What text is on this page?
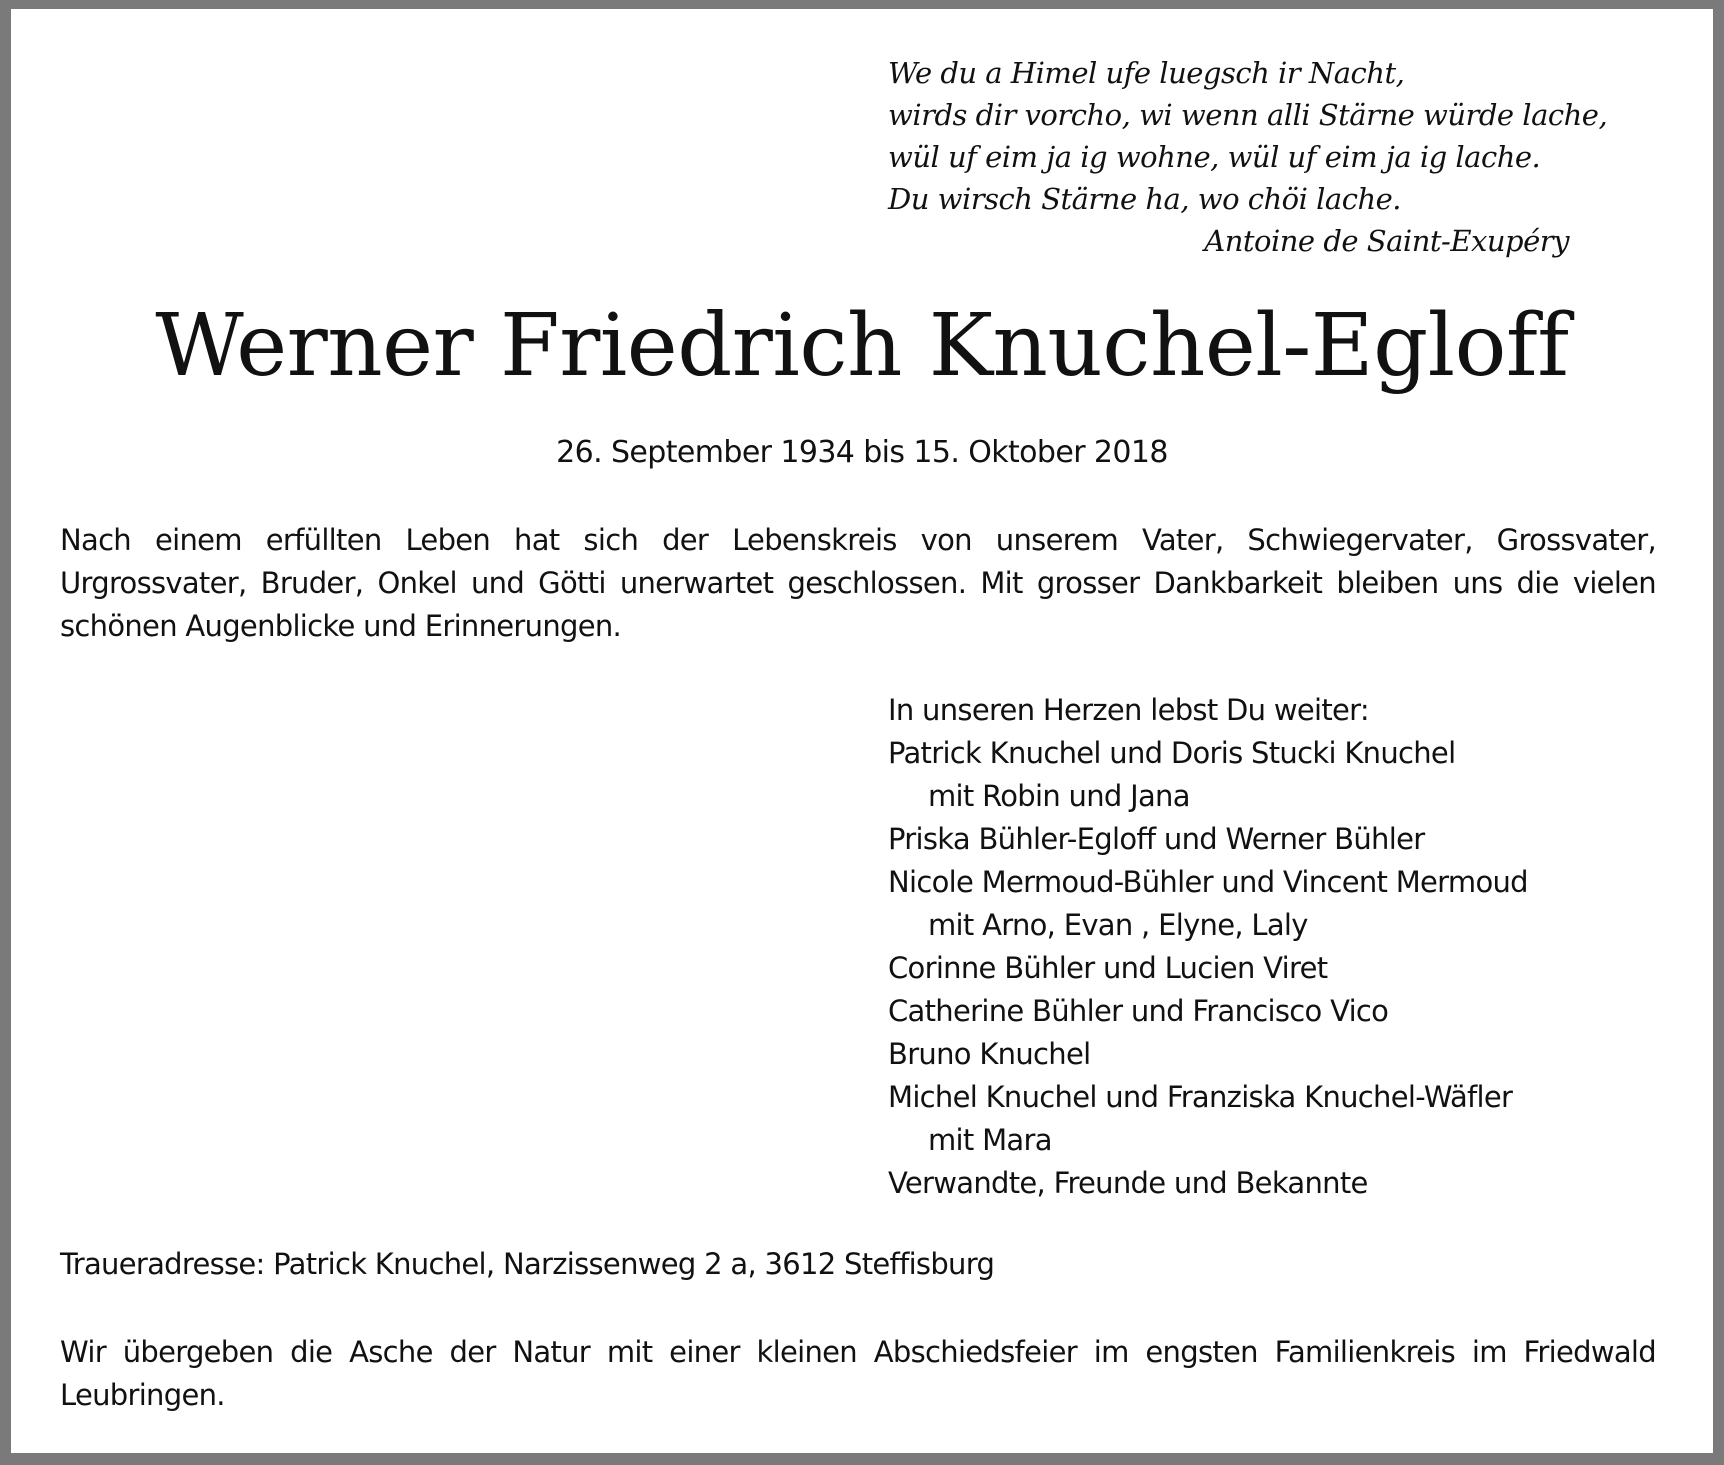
We du a Himel ufe luegsch ir Nacht,
wirds dir vorcho, wi wenn alli Stärne würde lache,
wül uf eim ja ig wohne, wül uf eim ja ig lache.
Du wirsch Stärne ha, wo chöi lache.
Antoine de Saint-Exupéry
Werner Friedrich Knuchel-Egloff
26. September 1934 bis 15. Oktober 2018

Nach einem erfüllten Leben hat sich der Lebenskreis von unserem Vater, Schwiegervater, Grossvater, Urgrossvater, Bruder, Onkel und Götti unerwartet geschlossen. Mit grosser Dankbarkeit bleiben uns die vielen schönen Augenblicke und Erinnerungen.

In unseren Herzen lebst Du weiter:
Patrick Knuchel und Doris Stucki Knuchel
mit Robin und Jana
Priska Bühler-Egloff und Werner Bühler
Nicole Mermoud-Bühler und Vincent Mermoud
mit Arno, Evan , Elyne, Laly
Corinne Bühler und Lucien Viret
Catherine Bühler und Francisco Vico
Bruno Knuchel
Michel Knuchel und Franziska Knuchel-Wäfler
mit Mara
Verwandte, Freunde und Bekannte

Traueradresse: Patrick Knuchel, Narzissenweg 2 a, 3612 Steffisburg

Wir übergeben die Asche der Natur mit einer kleinen Abschiedsfeier im engsten Familienkreis im Friedwald Leubringen.
